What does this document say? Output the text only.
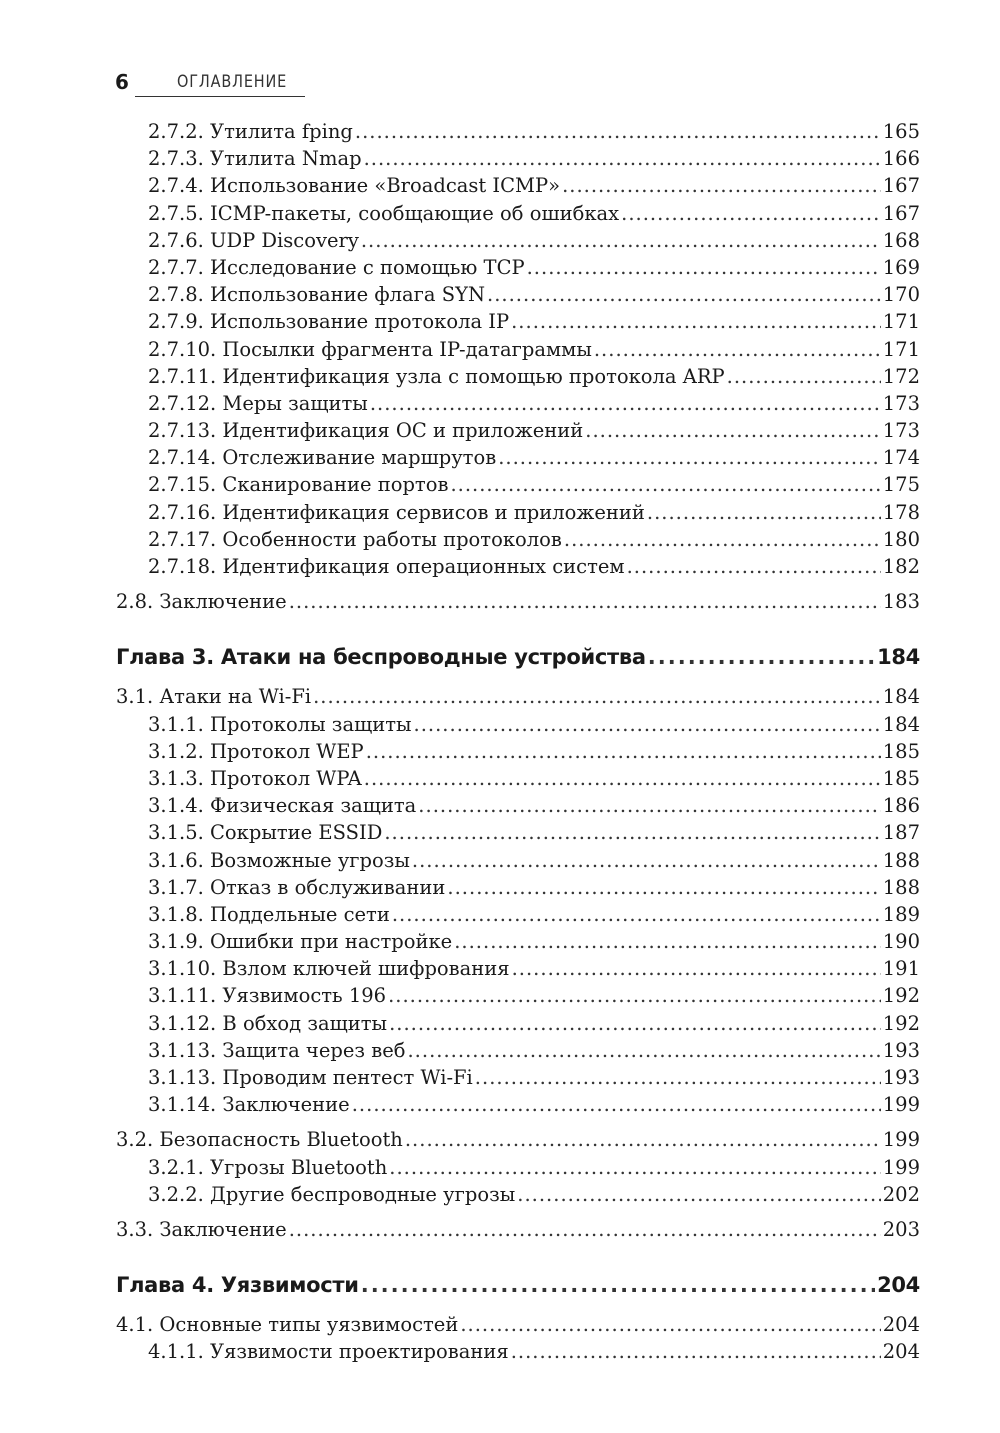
6	ОГЛАВЛЕНИЕ
2.7.2. Утилита fping .....	165
2.7.3. Утилита Nmap .....	166
2.7.4. Использование «Broadcast ICMP» .....	167
2.7.5. ICMP-пакеты, сообщающие об ошибках .....	167
2.7.6. UDP Discovery .....	168
2.7.7. Исследование с помощью TCP .....	169
2.7.8. Использование флага SYN .....	170
2.7.9. Использование протокола IP .....	171
2.7.10. Посылки фрагмента IP-датаграммы .....	171
2.7.11. Идентификация узла с помощью протокола ARP .....	172
2.7.12. Меры защиты .....	173
2.7.13. Идентификация ОС и приложений .....	173
2.7.14. Отслеживание маршрутов .....	174
2.7.15. Сканирование портов .....	175
2.7.16. Идентификация сервисов и приложений .....	178
2.7.17. Особенности работы протоколов .....	180
2.7.18. Идентификация операционных систем .....	182
2.8. Заключение .....	183
Глава 3. Атаки на беспроводные устройства .....	184
3.1. Атаки на Wi-Fi .....	184
3.1.1. Протоколы защиты .....	184
3.1.2. Протокол WEP .....	185
3.1.3. Протокол WPA .....	185
3.1.4. Физическая защита .....	186
3.1.5. Сокрытие ESSID .....	187
3.1.6. Возможные угрозы .....	188
3.1.7. Отказ в обслуживании .....	188
3.1.8. Поддельные сети .....	189
3.1.9. Ошибки при настройке .....	190
3.1.10. Взлом ключей шифрования .....	191
3.1.11. Уязвимость 196 .....	192
3.1.12. В обход защиты .....	192
3.1.13. Защита через веб .....	193
3.1.13. Проводим пентест Wi-Fi .....	193
3.1.14. Заключение .....	199
3.2. Безопасность Bluetooth .....	199
3.2.1. Угрозы Bluetooth .....	199
3.2.2. Другие беспроводные угрозы .....	202
3.3. Заключение .....	203
Глава 4. Уязвимости .....	204
4.1. Основные типы уязвимостей .....	204
4.1.1. Уязвимости проектирования .....	204
